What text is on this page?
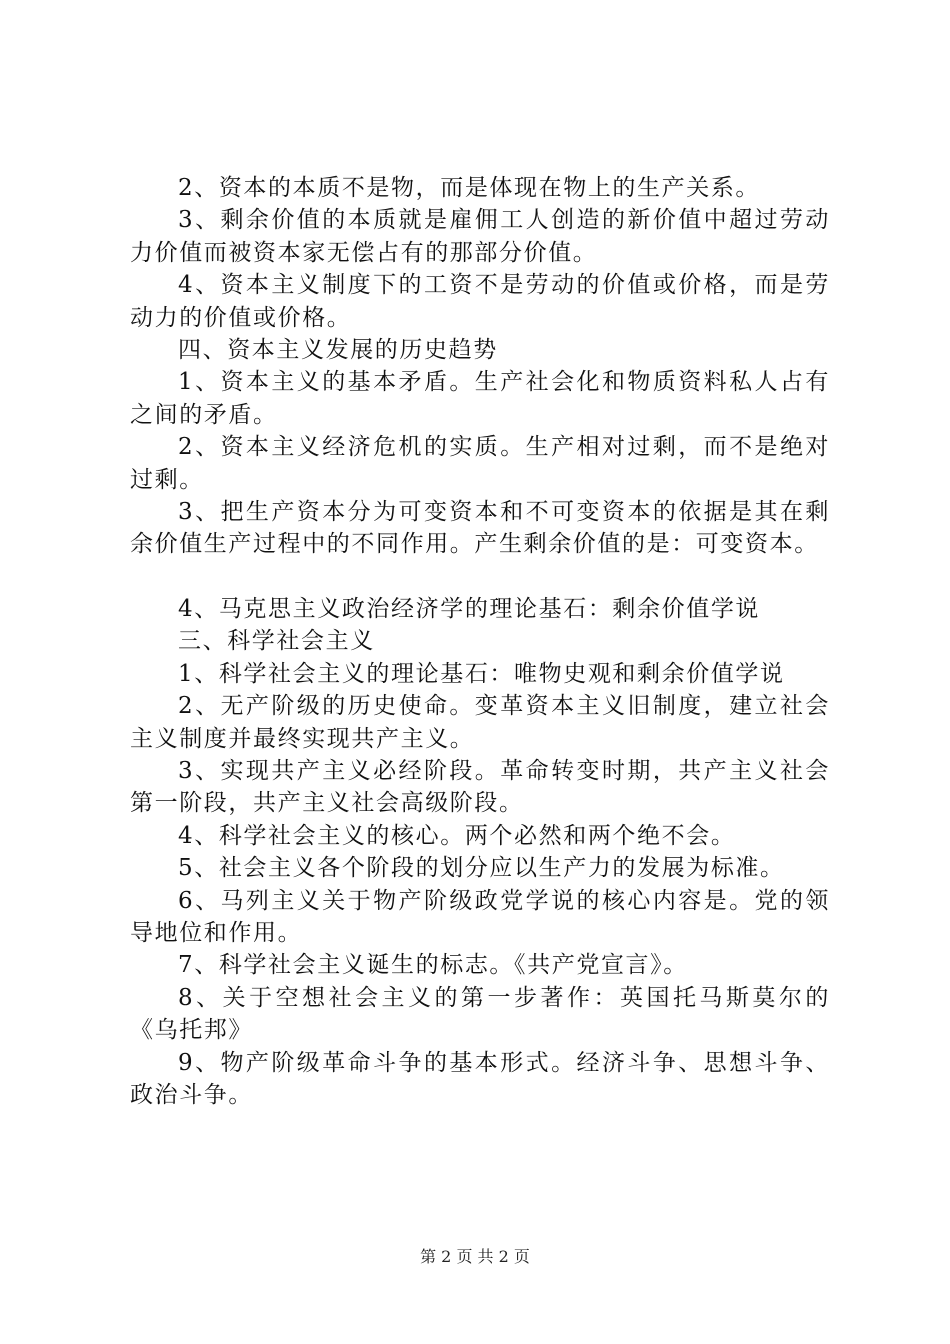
2、资本的本质不是物，而是体现在物上的生产关系。

3、剩余价值的本质就是雇佣工人创造的新价值中超过劳动力价值而被资本家无偿占有的那部分价值。

4、资本主义制度下的工资不是劳动的价值或价格，而是劳动力的价值或价格。

四、资本主义发展的历史趋势

1、资本主义的基本矛盾。生产社会化和物质资料私人占有之间的矛盾。

2、资本主义经济危机的实质。生产相对过剩，而不是绝对过剩。

3、把生产资本分为可变资本和不可变资本的依据是其在剩余价值生产过程中的不同作用。产生剩余价值的是：可变资本。

4、马克思主义政治经济学的理论基石：剩余价值学说

三、科学社会主义

1、科学社会主义的理论基石：唯物史观和剩余价值学说

2、无产阶级的历史使命。变革资本主义旧制度，建立社会主义制度并最终实现共产主义。

3、实现共产主义必经阶段。革命转变时期，共产主义社会第一阶段，共产主义社会高级阶段。

4、科学社会主义的核心。两个必然和两个绝不会。

5、社会主义各个阶段的划分应以生产力的发展为标准。

6、马列主义关于物产阶级政党学说的核心内容是。党的领导地位和作用。

7、科学社会主义诞生的标志。《共产党宣言》。

8、关于空想社会主义的第一步著作：英国托马斯莫尔的《乌托邦》

9、物产阶级革命斗争的基本形式。经济斗争、思想斗争、政治斗争。

第 2 页 共 2 页
